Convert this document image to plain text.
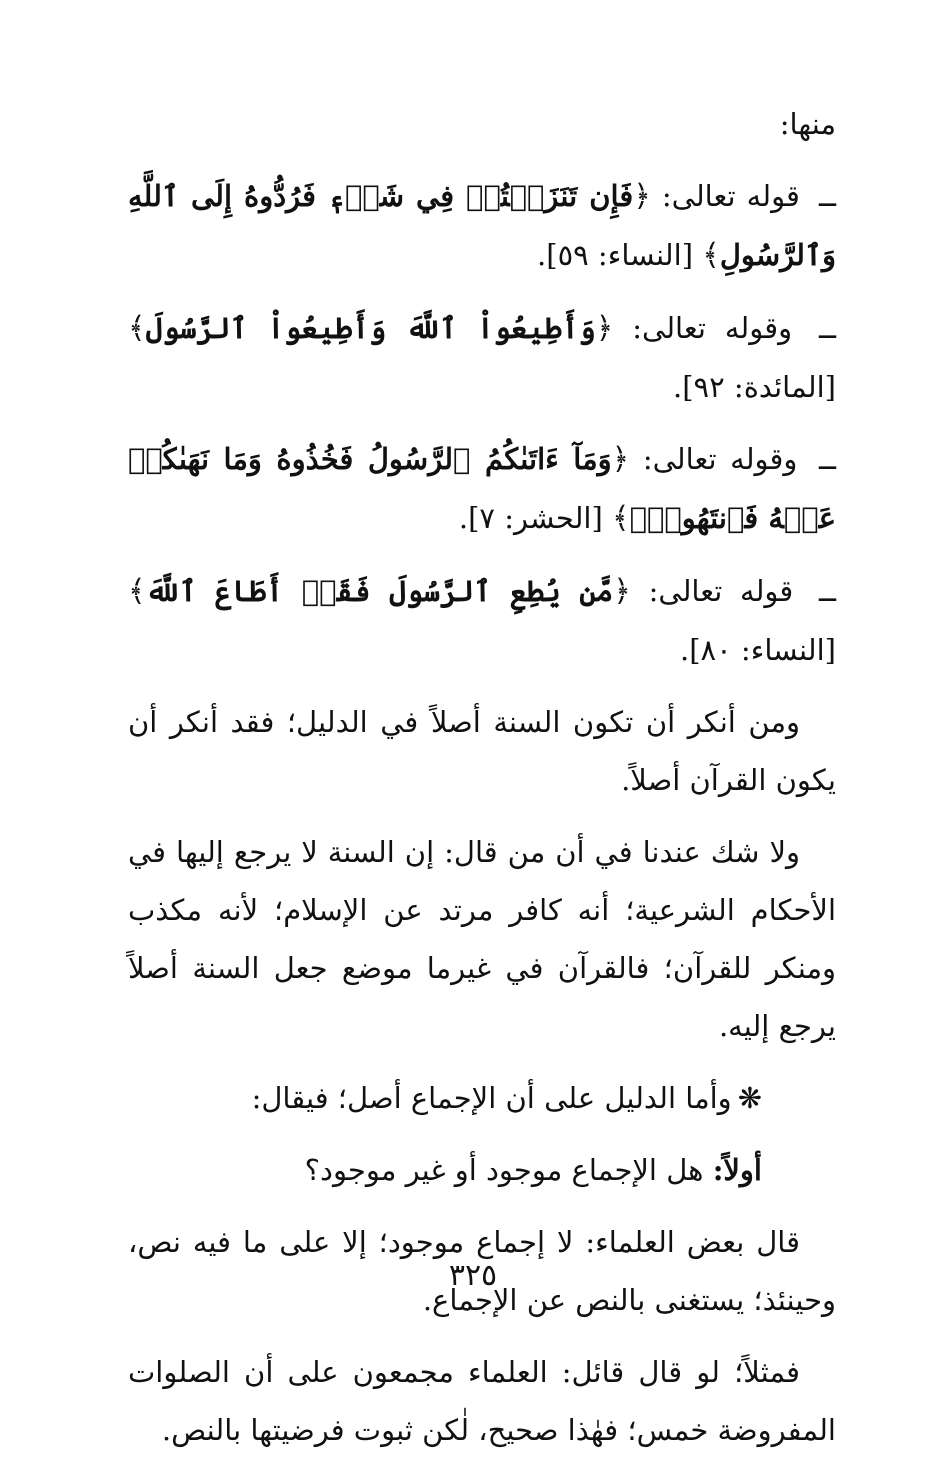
منها:

ــ قوله تعالى: ﴿فَإِن تَنَزَعۡتُمۡ فِي شَيۡءٖ فَرُدُّوهُ إِلَى ٱللَّهِ وَٱلرَّسُولِ﴾ [النساء: ٥٩].

ــ وقوله تعالى: ﴿وَأَطِيعُواْ ٱللَّهَ وَأَطِيعُواْ ٱلرَّسُولَ﴾ [المائدة: ٩٢].

ــ وقوله تعالى: ﴿وَمَآ ءَاتَىٰكُمُ ٱلرَّسُولُ فَخُذُوهُ وَمَا نَهَىٰكُمۡ عَنۡهُ فَٱنتَهُواْۚ﴾ [الحشر: ٧].

ــ قوله تعالى: ﴿مَّن يُطِعِ ٱلرَّسُولَ فَقَدۡ أَطَاعَ ٱللَّهَ﴾ [النساء: ٨٠].

ومن أنكر أن تكون السنة أصلاً في الدليل؛ فقد أنكر أن يكون القرآن أصلاً.

ولا شك عندنا في أن من قال: إن السنة لا يرجع إليها في الأحكام الشرعية؛ أنه كافر مرتد عن الإسلام؛ لأنه مكذب ومنكر للقرآن؛ فالقرآن في غيرما موضع جعل السنة أصلاً يرجع إليه.

❋وأما الدليل على أن الإجماع أصل؛ فيقال:

أولاً: هل الإجماع موجود أو غير موجود؟

قال بعض العلماء: لا إجماع موجود؛ إلا على ما فيه نص، وحينئذ؛ يستغنى بالنص عن الإجماع.

فمثلاً؛ لو قال قائل: العلماء مجمعون على أن الصلوات المفروضة خمس؛ فهٰذا صحيح، لٰكن ثبوت فرضيتها بالنص.

٣٢٥
